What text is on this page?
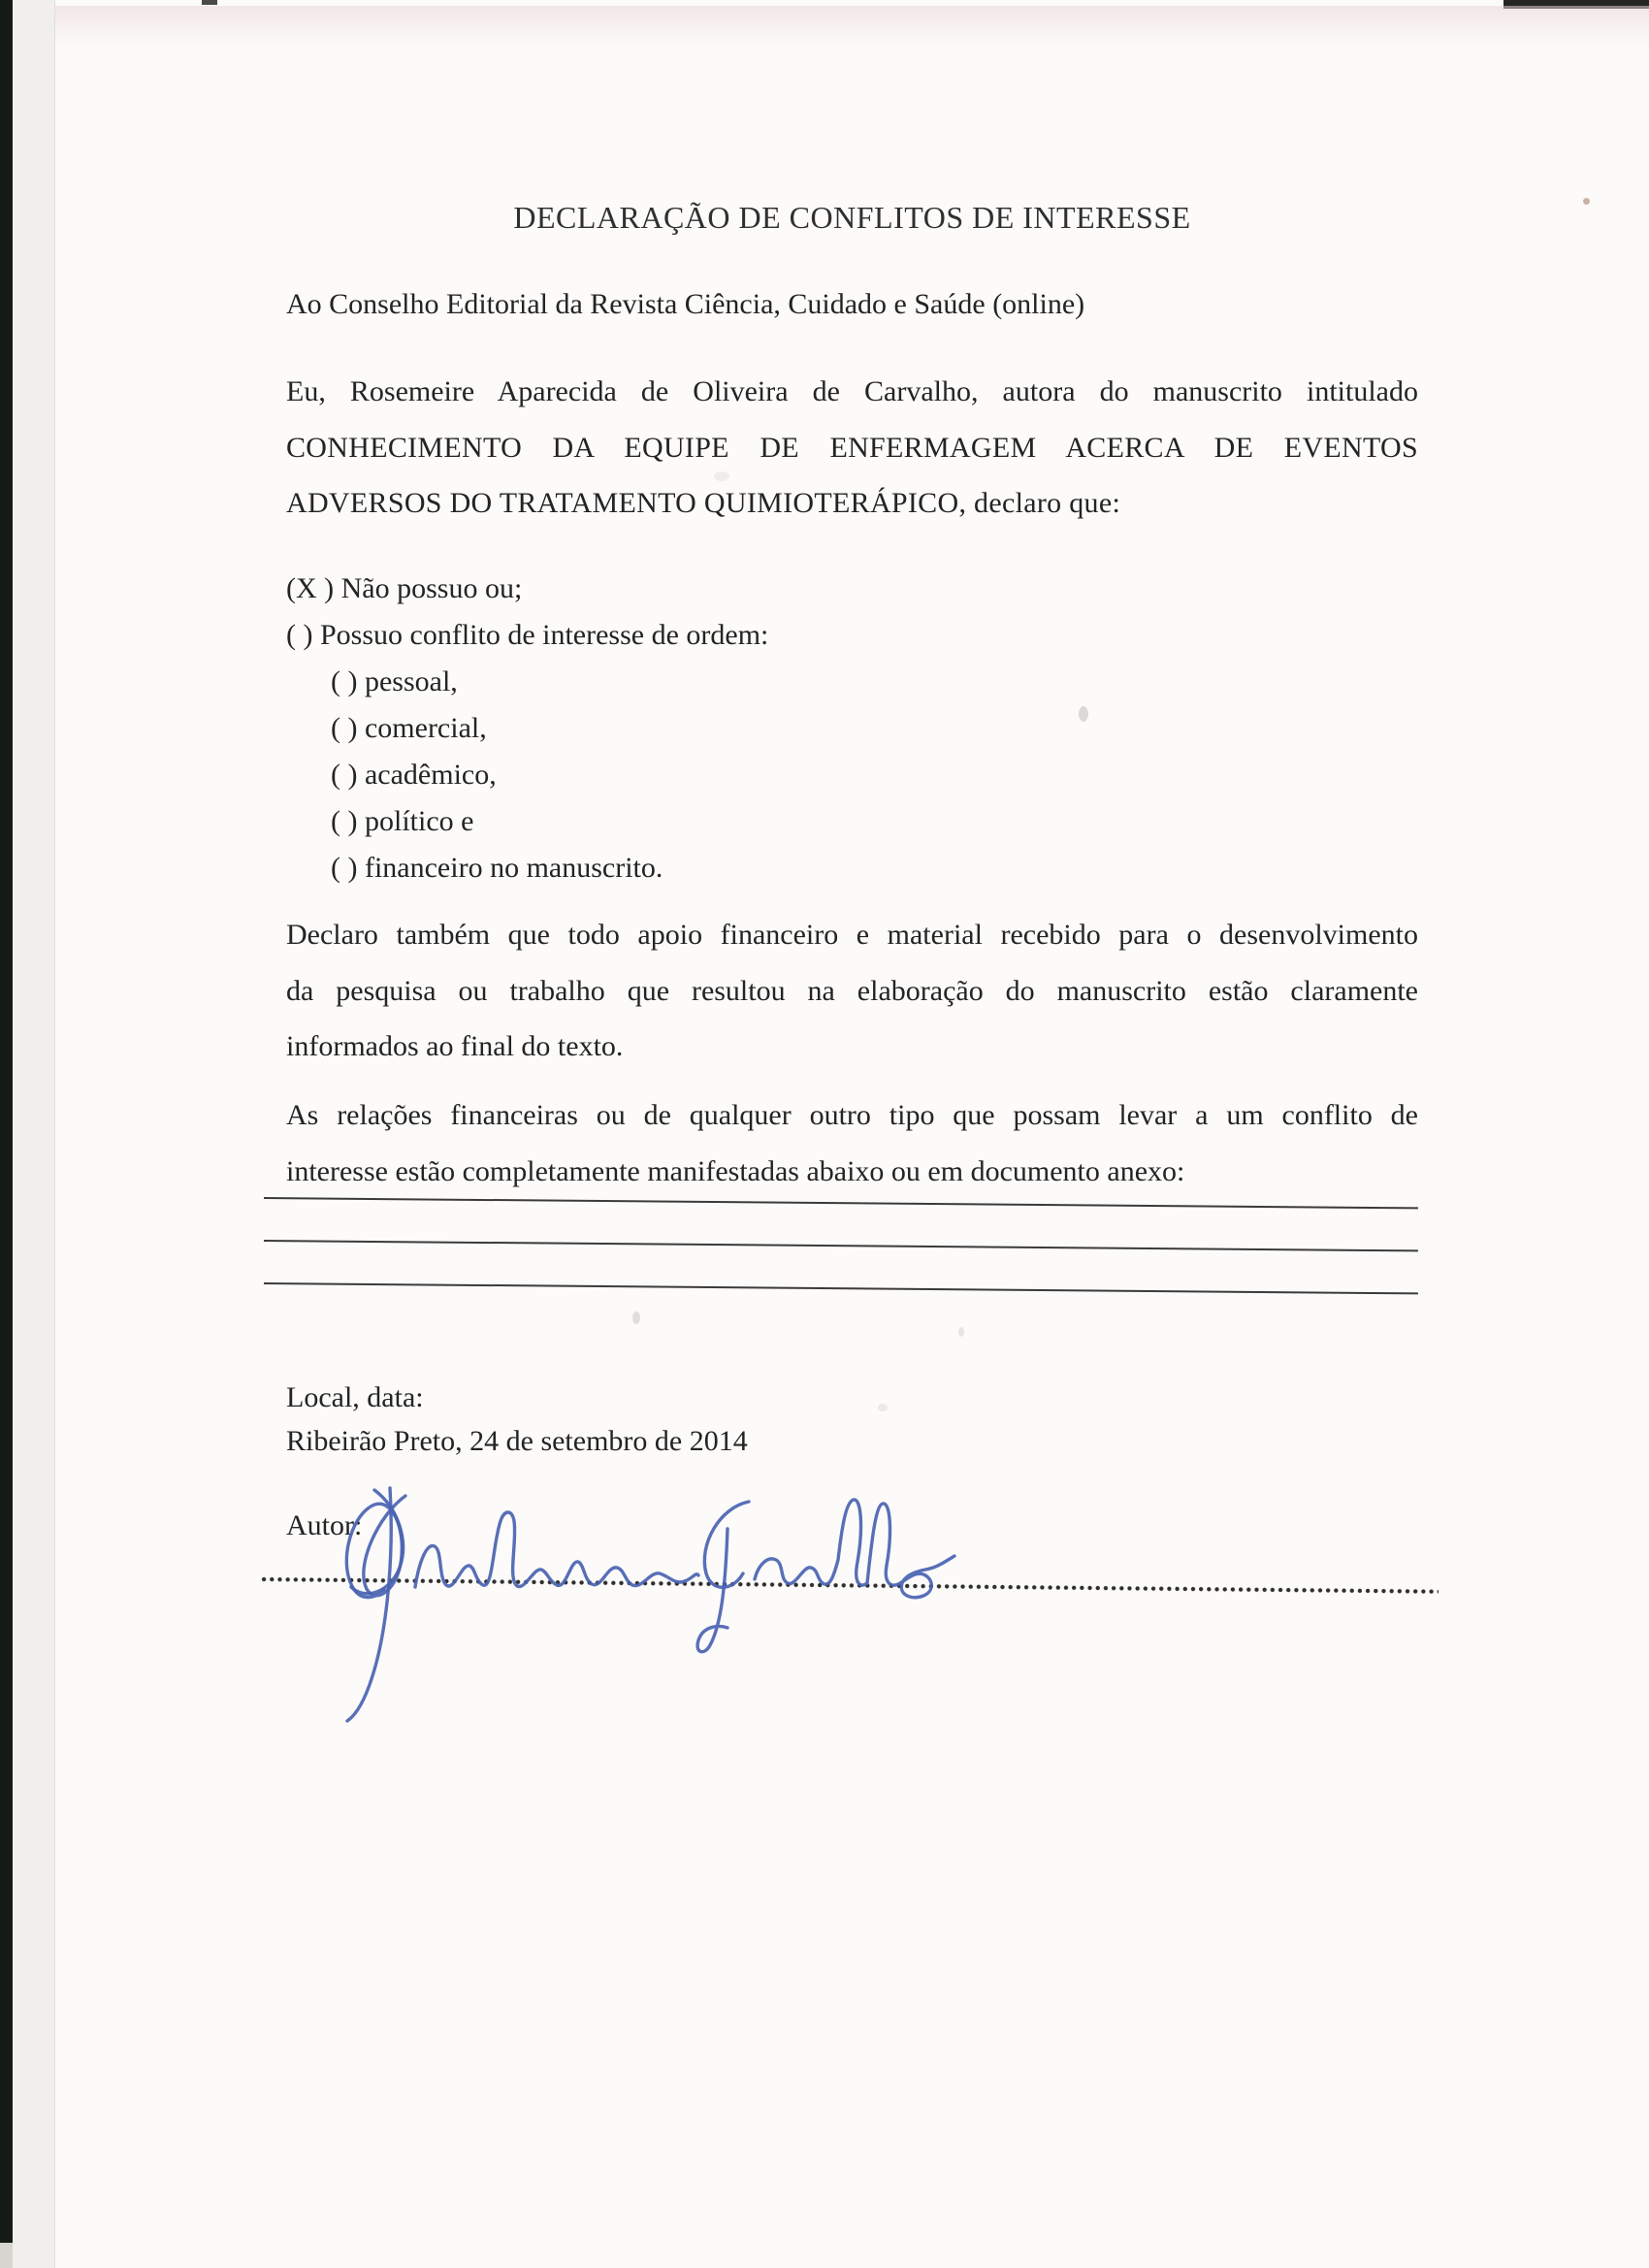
DECLARAÇÃO DE CONFLITOS DE INTERESSE
Ao Conselho Editorial da Revista Ciência, Cuidado e Saúde (online)
Eu, Rosemeire Aparecida de Oliveira de Carvalho, autora do manuscrito intitulado
CONHECIMENTO DA EQUIPE DE ENFERMAGEM ACERCA DE EVENTOS
ADVERSOS DO TRATAMENTO QUIMIOTERÁPICO, declaro que:
(X ) Não possuo ou;
( ) Possuo conflito de interesse de ordem:
( ) pessoal,
( ) comercial,
( ) acadêmico,
( ) político e
( ) financeiro no manuscrito.
Declaro também que todo apoio financeiro e material recebido para o desenvolvimento
da pesquisa ou trabalho que resultou na elaboração do manuscrito estão claramente
informados ao final do texto.
As relações financeiras ou de qualquer outro tipo que possam levar a um conflito de
interesse estão completamente manifestadas abaixo ou em documento anexo:
Local, data:
Ribeirão Preto, 24 de setembro de 2014
Autor:
